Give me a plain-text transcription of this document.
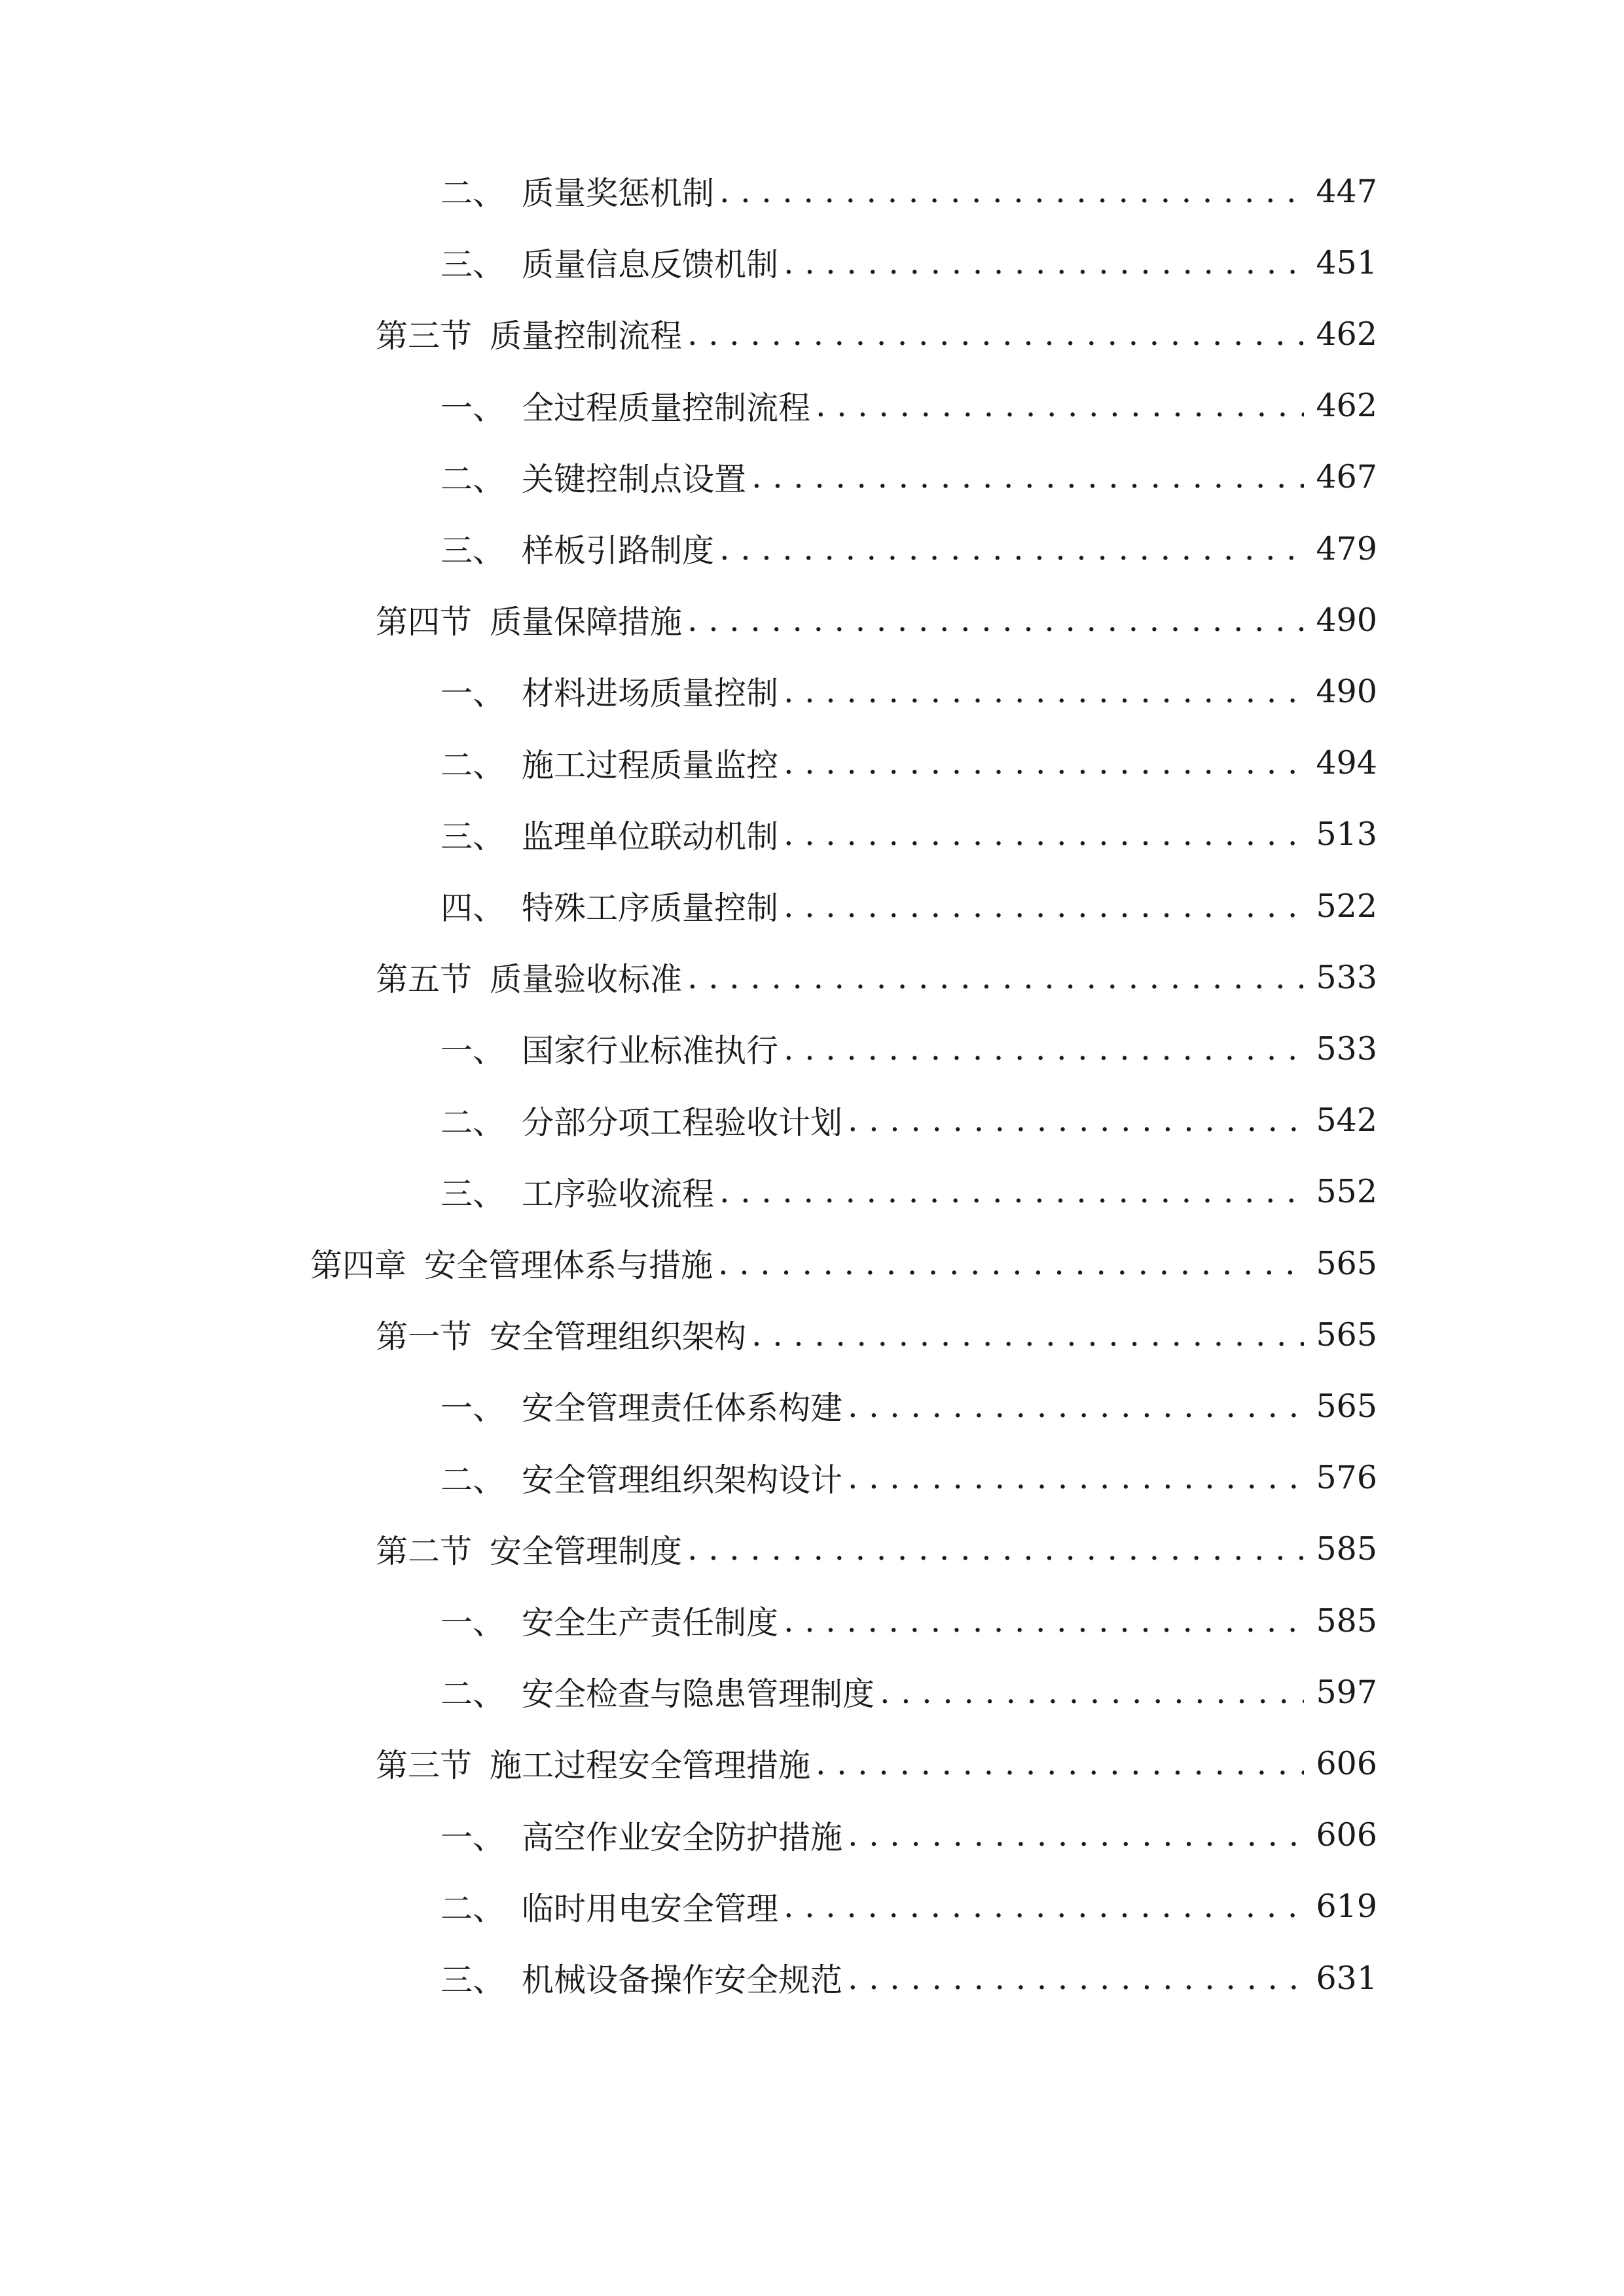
二、 质量奖惩机制 .....	447
三、 质量信息反馈机制 .....	451
第三节 质量控制流程 .....	462
一、 全过程质量控制流程 .....	462
二、 关键控制点设置 .....	467
三、 样板引路制度 .....	479
第四节 质量保障措施 .....	490
一、 材料进场质量控制 .....	490
二、 施工过程质量监控 .....	494
三、 监理单位联动机制 .....	513
四、 特殊工序质量控制 .....	522
第五节 质量验收标准 .....	533
一、 国家行业标准执行 .....	533
二、 分部分项工程验收计划 .....	542
三、 工序验收流程 .....	552
第四章 安全管理体系与措施 .....	565
第一节 安全管理组织架构 .....	565
一、 安全管理责任体系构建 .....	565
二、 安全管理组织架构设计 .....	576
第二节 安全管理制度 .....	585
一、 安全生产责任制度 .....	585
二、 安全检查与隐患管理制度 .....	597
第三节 施工过程安全管理措施 .....	606
一、 高空作业安全防护措施 .....	606
二、 临时用电安全管理 .....	619
三、 机械设备操作安全规范 .....	631
